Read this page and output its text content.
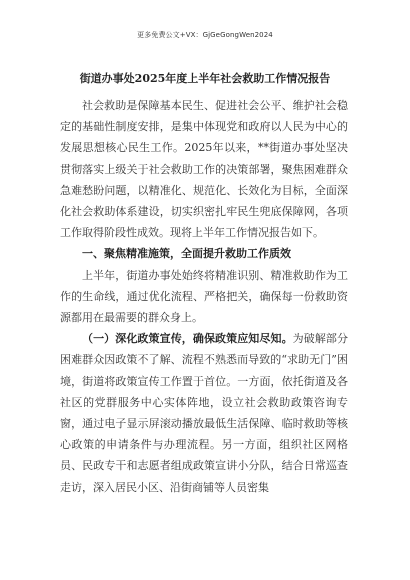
更多免费公文+VX：GjGeGongWen2024
街道办事处2025年度上半年社会救助工作情况报告

社会救助是保障基本民生、促进社会公平、维护社会稳定的基础性制度安排，是集中体现党和政府以人民为中心的发展思想核心民生工作。2025年以来，**街道办事处坚决贯彻落实上级关于社会救助工作的决策部署，聚焦困难群众急难愁盼问题，以精准化、规范化、长效化为目标，全面深化社会救助体系建设，切实织密扎牢民生兜底保障网，各项工作取得阶段性成效。现将上半年工作情况报告如下。

一、聚焦精准施策，全面提升救助工作质效

上半年，街道办事处始终将精准识别、精准救助作为工作的生命线，通过优化流程、严格把关，确保每一份救助资源都用在最需要的群众身上。

（一）深化政策宣传，确保政策应知尽知。为破解部分困难群众因政策不了解、流程不熟悉而导致的“求助无门”困境，街道将政策宣传工作置于首位。一方面，依托街道及各社区的党群服务中心实体阵地，设立社会救助政策咨询专窗，通过电子显示屏滚动播放最低生活保障、临时救助等核心政策的申请条件与办理流程。另一方面，组织社区网格员、民政专干和志愿者组成政策宣讲小分队，结合日常巡查走访，深入居民小区、沿街商铺等人员密集
